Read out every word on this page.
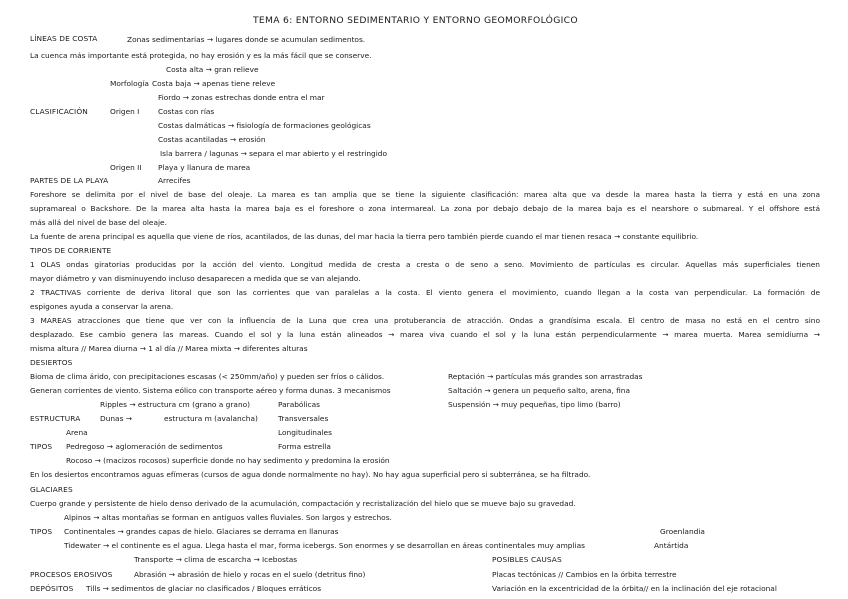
TEMA 6: ENTORNO SEDIMENTARIO Y ENTORNO GEOMORFOLÓGICO
LÍNEAS DE COSTA	Zonas sedimentarias → lugares donde se acumulan sedimentos.
La cuenca más importante está protegida, no hay erosión y es la más fácil que se conserve.
Costa alta → gran relieve
Morfología Costa baja → apenas tiene releve
Fiordo → zonas estrechas donde entra el mar
CLASIFICACIÓN	Origen I	Costas con rías
Costas dalmáticas → fisiología de formaciones geológicas
Costas acantiladas → erosión
Isla barrera / lagunas → separa el mar abierto y el restringido
Origen II Playa y llanura de marea
Arrecifes
PARTES DE LA PLAYA
Foreshore se delimita por el nivel de base del oleaje. La marea es tan amplia que se tiene la siguiente clasificación: marea alta que va desde la marea hasta la tierra y está en una zona
supramareal o Backshore. De la marea alta hasta la marea baja es el foreshore o zona intermareal. La zona por debajo debajo de la marea baja es el nearshore o submareal. Y el offshore está
más allá del nivel de base del oleaje.
La fuente de arena principal es aquella que viene de ríos, acantilados, de las dunas, del mar hacia la tierra pero también pierde cuando el mar tienen resaca → constante equilibrio.
TIPOS DE CORRIENTE
1 OLAS ondas giratorias producidas por la acción del viento. Longitud medida de cresta a cresta o de seno a seno. Movimiento de partículas es circular. Aquellas más superficiales tienen
mayor diámetro y van disminuyendo incluso desaparecen a medida que se van alejando.
2 TRACTIVAS corriente de deriva litoral que son las corrientes que van paralelas a la costa. El viento genera el movimiento, cuando llegan a la costa van perpendicular. La formación de
espigones ayuda a conservar la arena.
3 MAREAS atracciones que tiene que ver con la influencia de la Luna que crea una protuberancia de atracción. Ondas a grandísima escala. El centro de masa no está en el centro sino
desplazado. Ese cambio genera las mareas. Cuando el sol y la luna están alineados → marea viva cuando el sol y la luna están perpendicularmente → marea muerta. Marea semidiurna →
misma altura // Marea diurna → 1 al día // Marea mixta → diferentes alturas
DESIERTOS
Bioma de clima árido, con precipitaciones escasas (< 250mm/año) y pueden ser fríos o cálidos.	Reptación → partículas más grandes son arrastradas
Generan corrientes de viento. Sistema eólico con transporte aéreo y forma dunas. 3 mecanismos	Saltación → genera un pequeño salto, arena, fina
Ripples → estructura cm (grano a grano)	Parabólicas	Suspensión → muy pequeñas, tipo limo (barro)
ESTRUCTURA	Dunas →	estructura m (avalancha)	Transversales
Arena	Longitudinales
TIPOS Pedregoso → aglomeración de sedimentos	Forma estrella
Rocoso → (macizos rocosos) superficie donde no hay sedimento y predomina la erosión
En los desiertos encontramos aguas efímeras (cursos de agua donde normalmente no hay). No hay agua superficial pero si subterránea, se ha filtrado.
GLACIARES
Cuerpo grande y persistente de hielo denso derivado de la acumulación, compactación y recristalización del hielo que se mueve bajo su gravedad.
Alpinos → altas montañas se forman en antiguos valles fluviales. Son largos y estrechos.
TIPOS Continentales → grandes capas de hielo. Glaciares se derrama en llanuras	Groenlandia
Tidewater → el continente es el agua. Llega hasta el mar, forma icebergs. Son enormes y se desarrollan en áreas continentales muy amplias	Antártida
Transporte → clima de escarcha → Icebostas	POSIBLES CAUSAS
PROCESOS EROSIVOS	Abrasión → abrasión de hielo y rocas en el suelo (detritus fino)	Placas tectónicas // Cambios en la órbita terrestre
DEPÓSITOS Tills → sedimentos de glaciar no clasificados / Bloques erráticos	Variación en la excentricidad de la órbita// en la inclinación del eje rotacional
